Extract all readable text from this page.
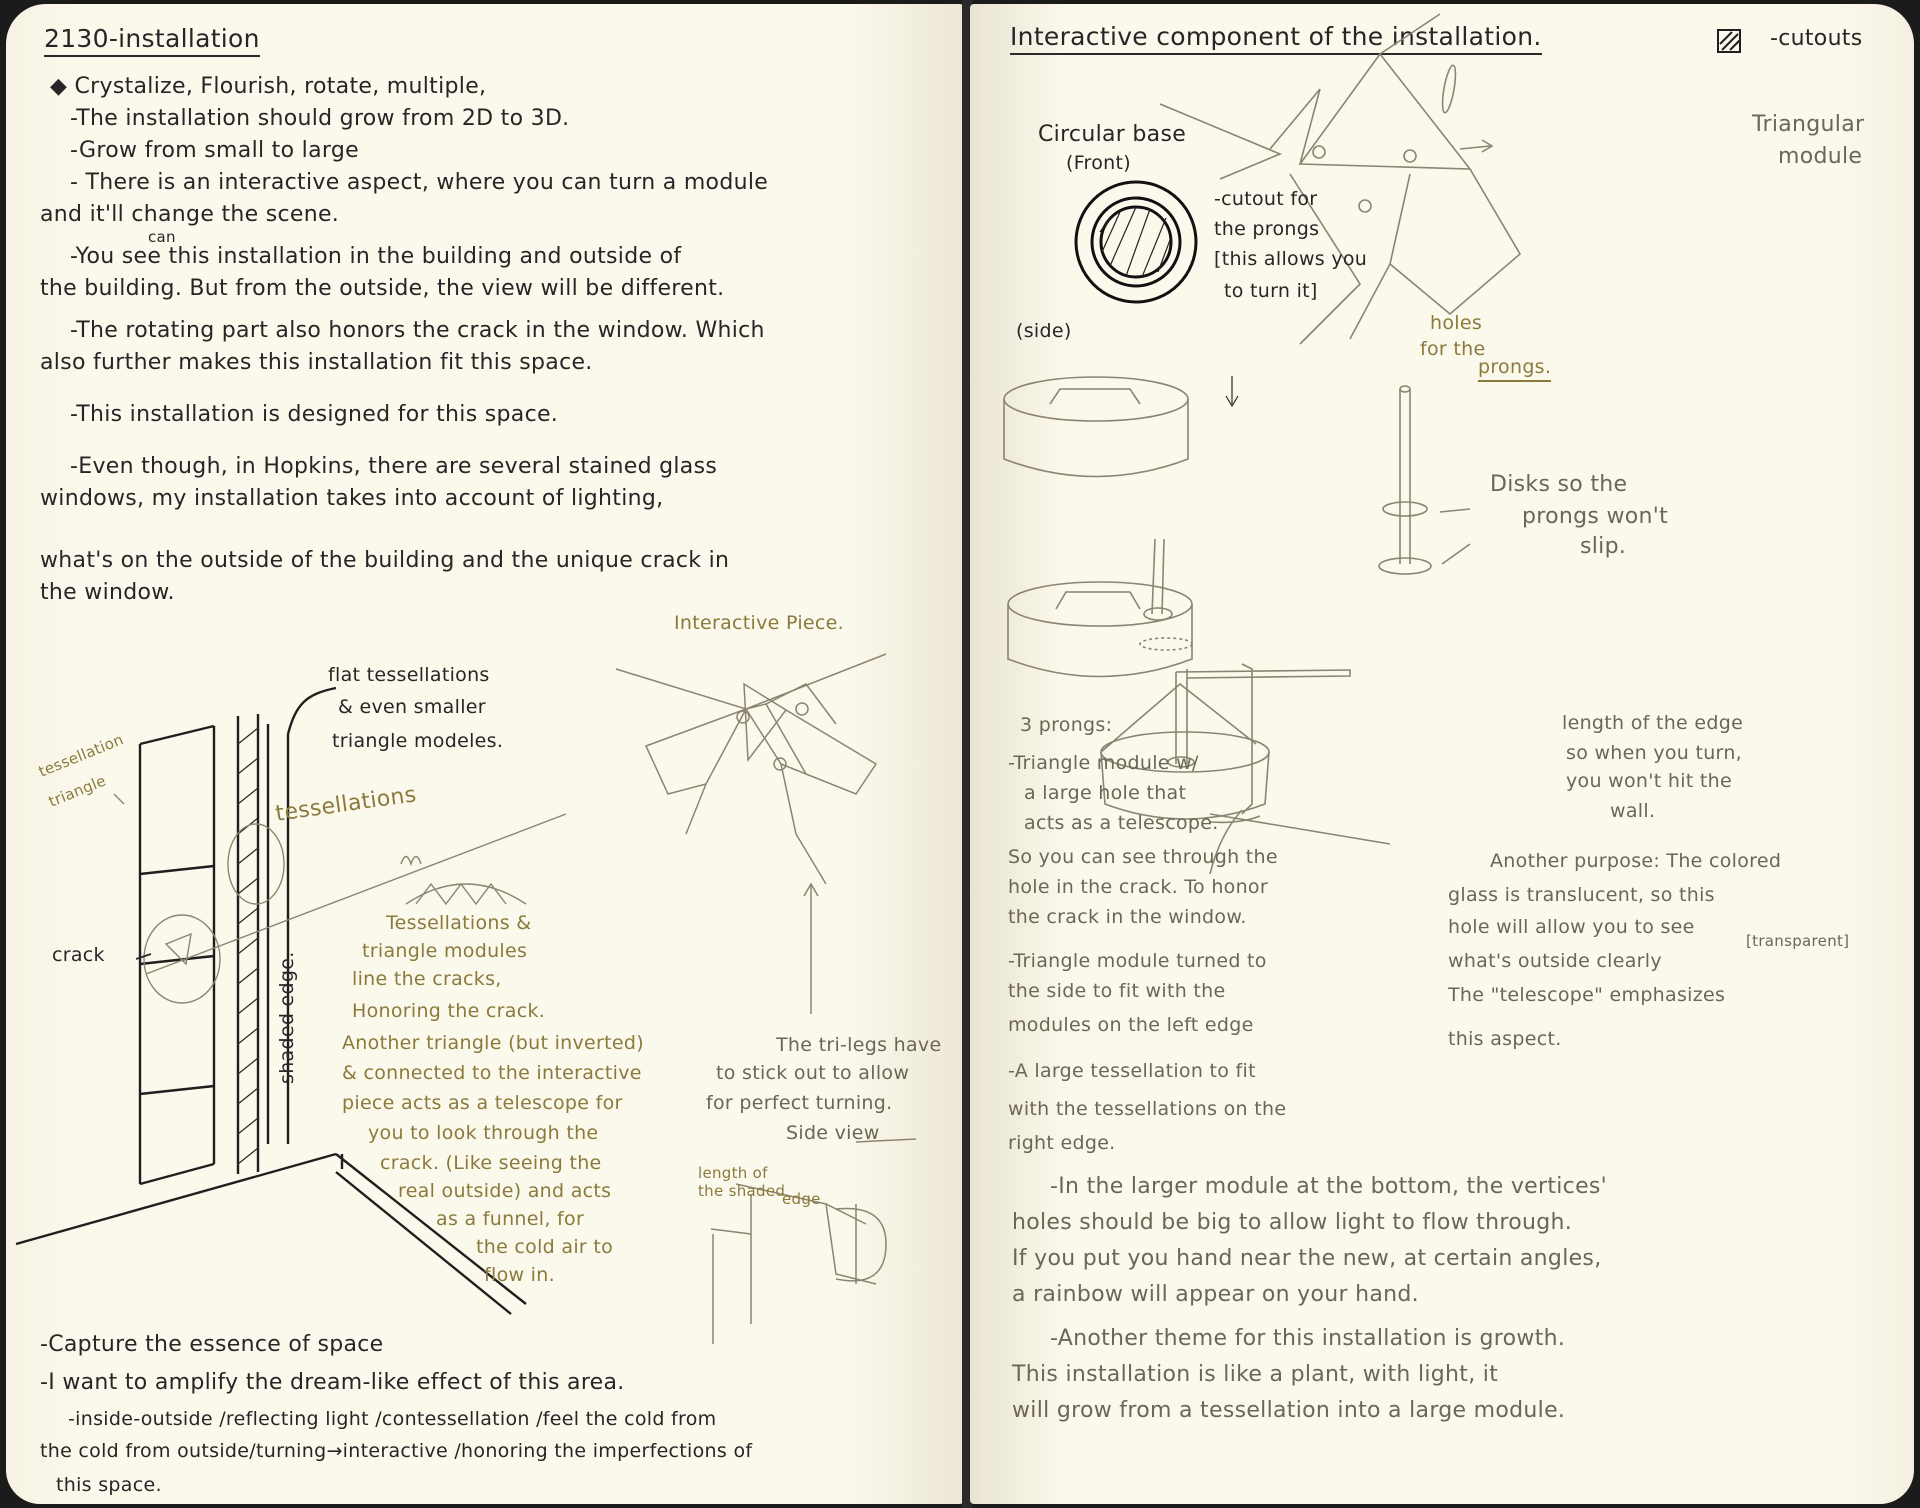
2130-installation
◆ Crystalize, Flourish, rotate, multiple,
-The installation should grow from 2D to 3D.
-Grow from small to large
- There is an interactive aspect, where you can turn a module
and it'll change the scene.
can
-You see this installation in the building and outside of
the building. But from the outside, the view will be different.
-The rotating part also honors the crack in the window. Which
also further makes this installation fit this space.
-This installation is designed for this space.
-Even though, in Hopkins, there are several stained glass
windows, my installation takes into account of lighting,
what's on the outside of the building and the unique crack in
the window.
flat tessellations
& even smaller
triangle modeles.
tessellation
triangle	tessellations
crack	shaded edge.
Interactive Piece.
Tessellations &
triangle modules
line the cracks,
Honoring the crack.
Another triangle (but inverted)
& connected to the interactive
piece acts as a telescope for
you to look through the
crack. (Like seeing the
real outside) and acts
as a funnel, for
the cold air to
flow in.
The tri-legs have
to stick out to allow
for perfect turning.
Side view
length of
the shaded
edge
-Capture the essence of space
-I want to amplify the dream-like effect of this area.
-inside-outside /reflecting light /contessellation /feel the cold from
the cold from outside/turning→interactive /honoring the imperfections of
this space.
Interactive component of the installation.	-cutouts
Circular base
(Front)
(side)
-cutout for
the prongs
[this allows you
to turn it]
Triangular
module
holes
for the
prongs.
Disks so the
prongs won't
slip.
3 prongs:
-Triangle module w/
a large hole that
acts as a telescope.
So you can see through the
hole in the crack. To honor
the crack in the window.
-Triangle module turned to
the side to fit with the
modules on the left edge
-A large tessellation to fit
with the tessellations on the
right edge.
length of the edge
so when you turn,
you won't hit the
wall.
Another purpose: The colored
glass is translucent, so this
hole will allow you to see
what's outside clearly
[transparent]
The "telescope" emphasizes
this aspect.
-In the larger module at the bottom, the vertices'
holes should be big to allow light to flow through.
If you put you hand near the new, at certain angles,
a rainbow will appear on your hand.
-Another theme for this installation is growth.
This installation is like a plant, with light, it
will grow from a tessellation into a large module.
